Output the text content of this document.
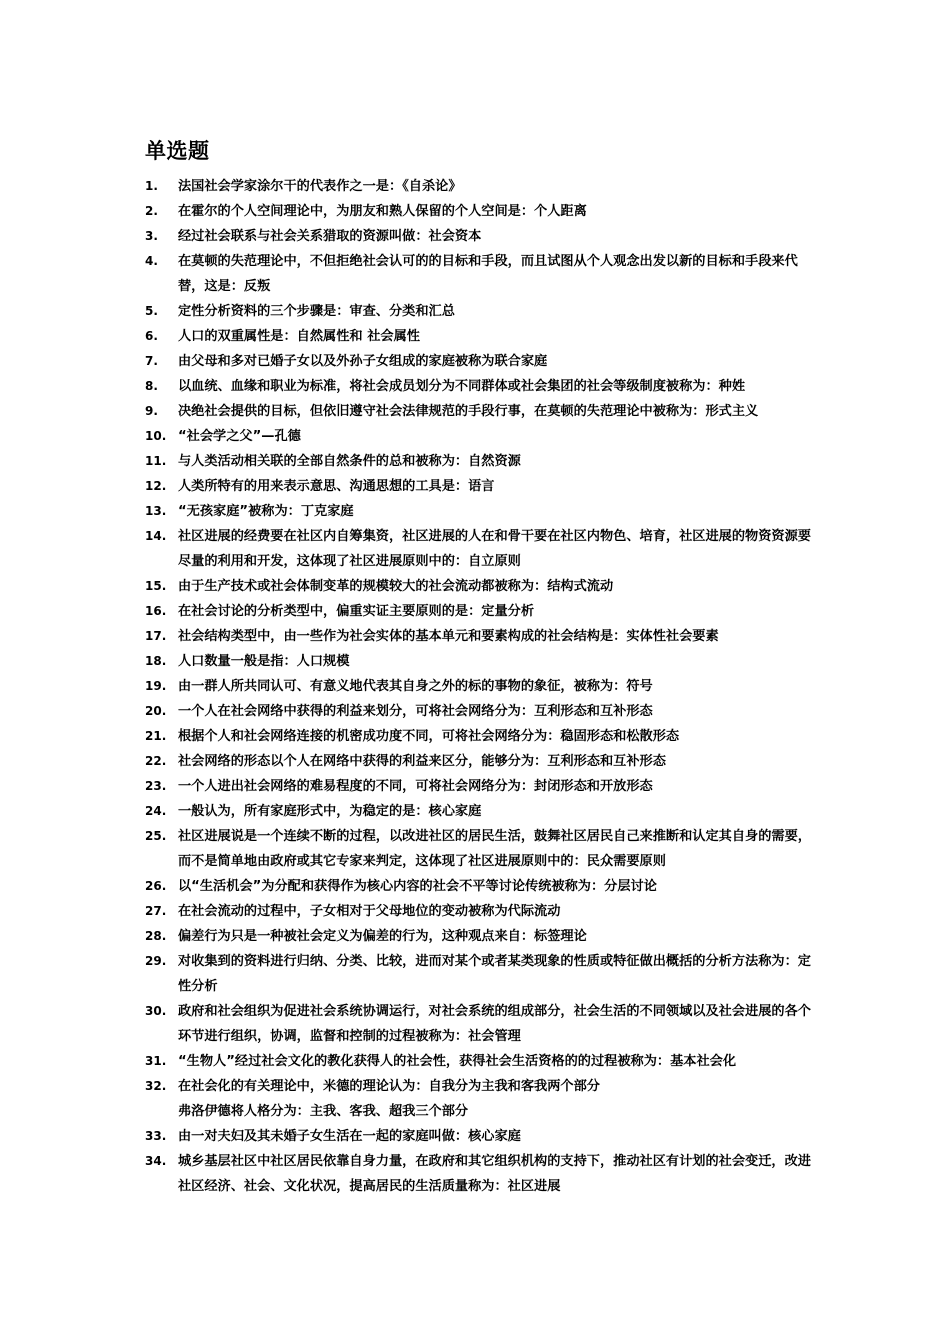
单选题
1.	法国社会学家涂尔干的代表作之一是：《自杀论》
2.	在霍尔的个人空间理论中，为朋友和熟人保留的个人空间是：个人距离
3.	经过社会联系与社会关系猎取的资源叫做：社会资本
4.	在莫顿的失范理论中，不但拒绝社会认可的的目标和手段，而且试图从个人观念出发以新的目标和手段来代替，这是：反叛
5.	定性分析资料的三个步骤是：审查、分类和汇总
6.	人口的双重属性是：自然属性和 社会属性
7.	由父母和多对已婚子女以及外孙子女组成的家庭被称为联合家庭
8.	以血统、血缘和职业为标准，将社会成员划分为不同群体或社会集团的社会等级制度被称为：种姓
9.	决绝社会提供的目标，但依旧遵守社会法律规范的手段行事，在莫顿的失范理论中被称为：形式主义
10. “社会学之父”—孔德
11. 与人类活动相关联的全部自然条件的总和被称为：自然资源
12. 人类所特有的用来表示意思、沟通思想的工具是：语言
13. “无孩家庭”被称为：丁克家庭
14. 社区进展的经费要在社区内自筹集资，社区进展的人在和骨干要在社区内物色、培育，社区进展的物资资源要尽量的利用和开发，这体现了社区进展原则中的：自立原则
15. 由于生产技术或社会体制变革的规模较大的社会流动都被称为：结构式流动
16. 在社会讨论的分析类型中，偏重实证主要原则的是：定量分析
17. 社会结构类型中，由一些作为社会实体的基本单元和要素构成的社会结构是：实体性社会要素
18. 人口数量一般是指：人口规模
19. 由一群人所共同认可、有意义地代表其自身之外的标的事物的象征，被称为：符号
20. 一个人在社会网络中获得的利益来划分，可将社会网络分为：互利形态和互补形态
21. 根据个人和社会网络连接的机密成功度不同，可将社会网络分为：稳固形态和松散形态
22. 社会网络的形态以个人在网络中获得的利益来区分，能够分为：互利形态和互补形态
23. 一个人进出社会网络的难易程度的不同，可将社会网络分为：封闭形态和开放形态
24. 一般认为，所有家庭形式中，为稳定的是：核心家庭
25. 社区进展说是一个连续不断的过程，以改进社区的居民生活，鼓舞社区居民自己来推断和认定其自身的需要，而不是简单地由政府或其它专家来判定，这体现了社区进展原则中的：民众需要原则
26. 以“生活机会”为分配和获得作为核心内容的社会不平等讨论传统被称为：分层讨论
27. 在社会流动的过程中，子女相对于父母地位的变动被称为代际流动
28. 偏差行为只是一种被社会定义为偏差的行为，这种观点来自：标签理论
29. 对收集到的资料进行归纳、分类、比较，进而对某个或者某类现象的性质或特征做出概括的分析方法称为：定性分析
30. 政府和社会组织为促进社会系统协调运行，对社会系统的组成部分，社会生活的不同领域以及社会进展的各个环节进行组织，协调，监督和控制的过程被称为：社会管理
31. “生物人”经过社会文化的教化获得人的社会性，获得社会生活资格的的过程被称为：基本社会化
32. 在社会化的有关理论中，米德的理论认为：自我分为主我和客我两个部分
弗洛伊德将人格分为：主我、客我、超我三个部分
33. 由一对夫妇及其未婚子女生活在一起的家庭叫做：核心家庭
34. 城乡基层社区中社区居民依靠自身力量，在政府和其它组织机构的支持下，推动社区有计划的社会变迁，改进社区经济、社会、文化状况，提高居民的生活质量称为：社区进展
